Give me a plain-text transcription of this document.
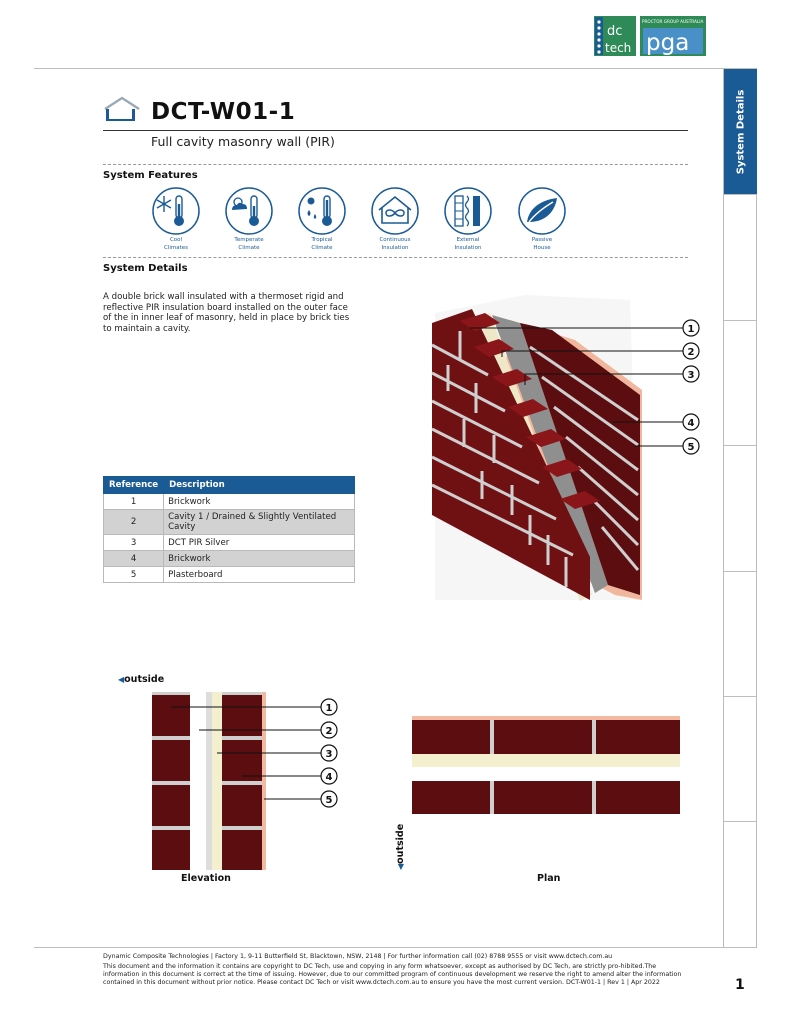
dc
tech
PROCTOR GROUP AUSTRALIA
pga
System Details
DCT-W01-1
Full cavity masonry wall (PIR)
System Features
Cool
Climates
Temperate
Climate
Tropical
Climate
Continuous
Insulation
External
Insulation
Passive
House
System Details
A double brick wall insulated with a thermoset rigid and reflective PIR insulation board installed on the outer face of the in inner leaf of masonry, held in place by brick ties to maintain a cavity.	1
2
3
4
5
Reference	Description
1	Brickwork
2	Cavity 1 / Drained & Slightly Ventilated Cavity
3	DCT PIR Silver
4	Brickwork
5	Plasterboard
◀outside
1
2
3
4
5
Elevation
◀outside
Plan

Dynamic Composite Technologies | Factory 1, 9-11 Butterfield St, Blacktown, NSW, 2148 | For further information call (02) 8788 9555 or visit www.dctech.com.au

This document and the information it contains are copyright to DC Tech, use and copying in any form whatsoever, except as authorised by DC Tech, are strictly pro-hibited.The information in this document is correct at the time of issuing. However, due to our committed program of continuous development we reserve the right to amend alter the information contained in this document without prior notice. Please contact DC Tech or visit www.dctech.com.au to ensure you have the most current version. DCT-W01-1 | Rev 1 | Apr 2022	1
